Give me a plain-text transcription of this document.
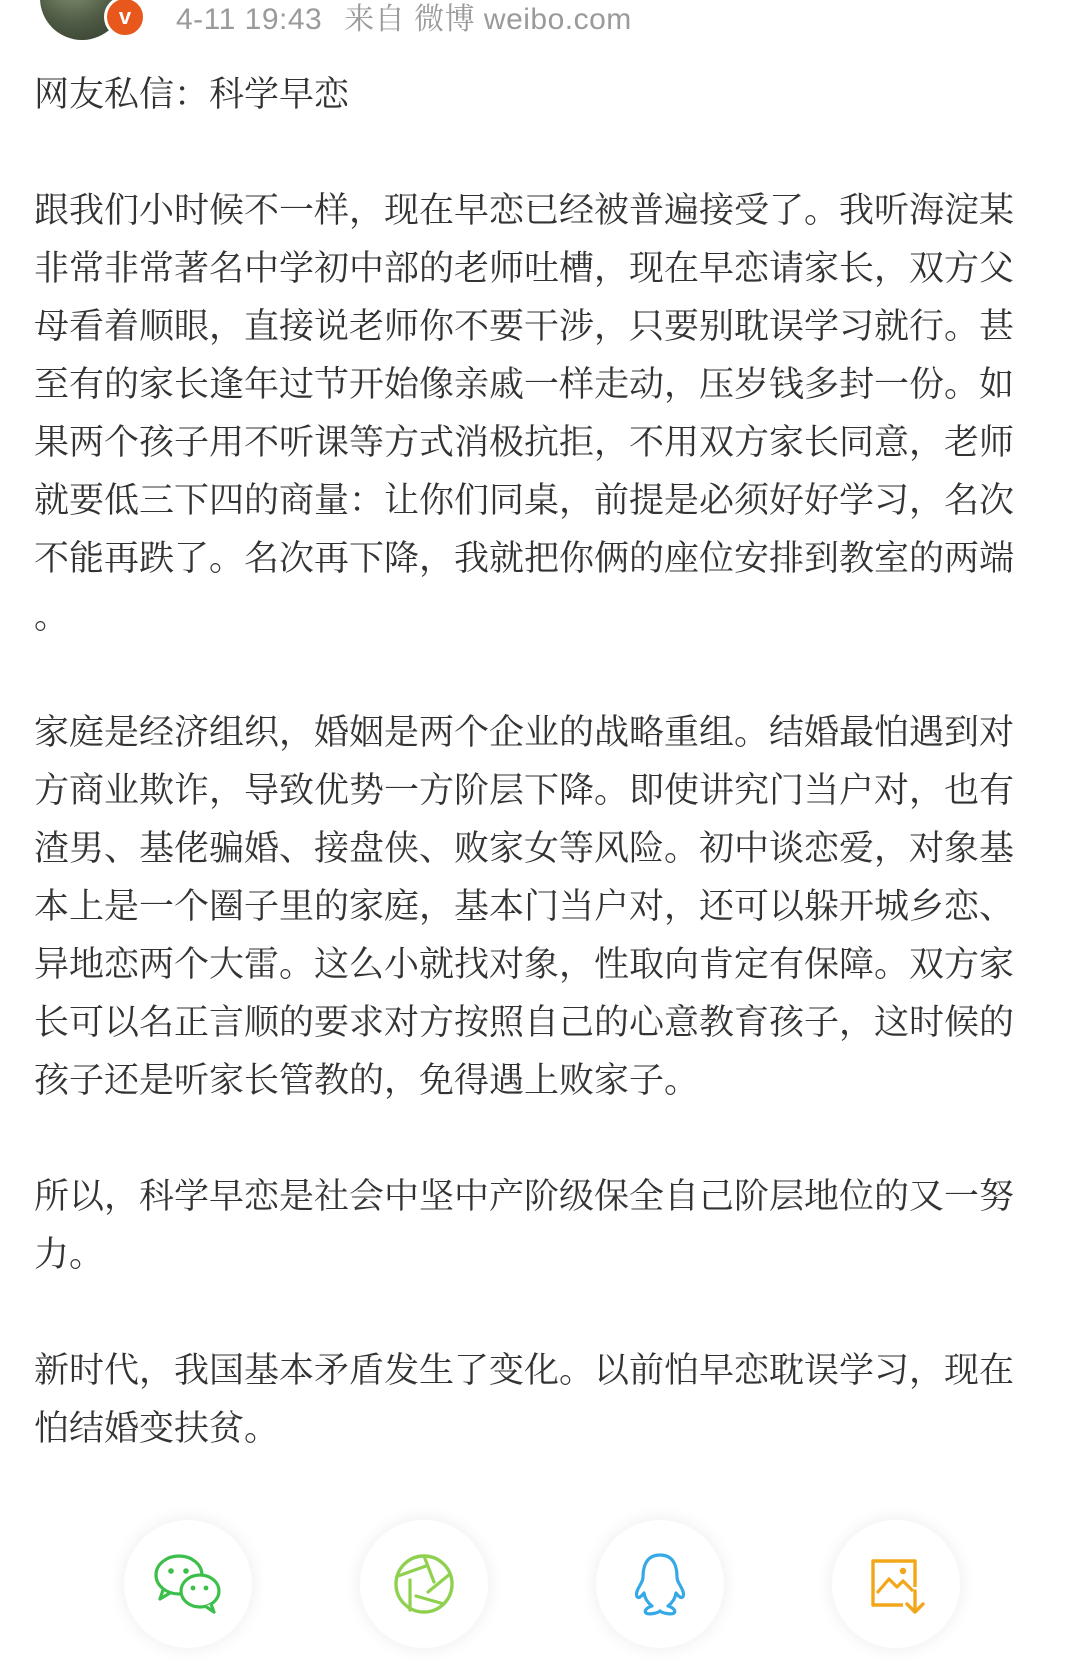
v	4-11 19:43 来自 微博 weibo.com

网友私信：科学早恋

跟我们小时候不一样，现在早恋已经被普遍接受了。我听海淀某非常非常著名中学初中部的老师吐槽，现在早恋请家长，双方父母看着顺眼，直接说老师你不要干涉，只要别耽误学习就行。甚至有的家长逢年过节开始像亲戚一样走动，压岁钱多封一份。如果两个孩子用不听课等方式消极抗拒，不用双方家长同意，老师就要低三下四的商量：让你们同桌，前提是必须好好学习，名次不能再跌了。名次再下降，我就把你俩的座位安排到教室的两端。

家庭是经济组织，婚姻是两个企业的战略重组。结婚最怕遇到对方商业欺诈，导致优势一方阶层下降。即使讲究门当户对，也有渣男、基佬骗婚、接盘侠、败家女等风险。初中谈恋爱，对象基本上是一个圈子里的家庭，基本门当户对，还可以躲开城乡恋、异地恋两个大雷。这么小就找对象，性取向肯定有保障。双方家长可以名正言顺的要求对方按照自己的心意教育孩子，这时候的孩子还是听家长管教的，免得遇上败家子。

所以，科学早恋是社会中坚中产阶级保全自己阶层地位的又一努力。

新时代，我国基本矛盾发生了变化。以前怕早恋耽误学习，现在怕结婚变扶贫。
